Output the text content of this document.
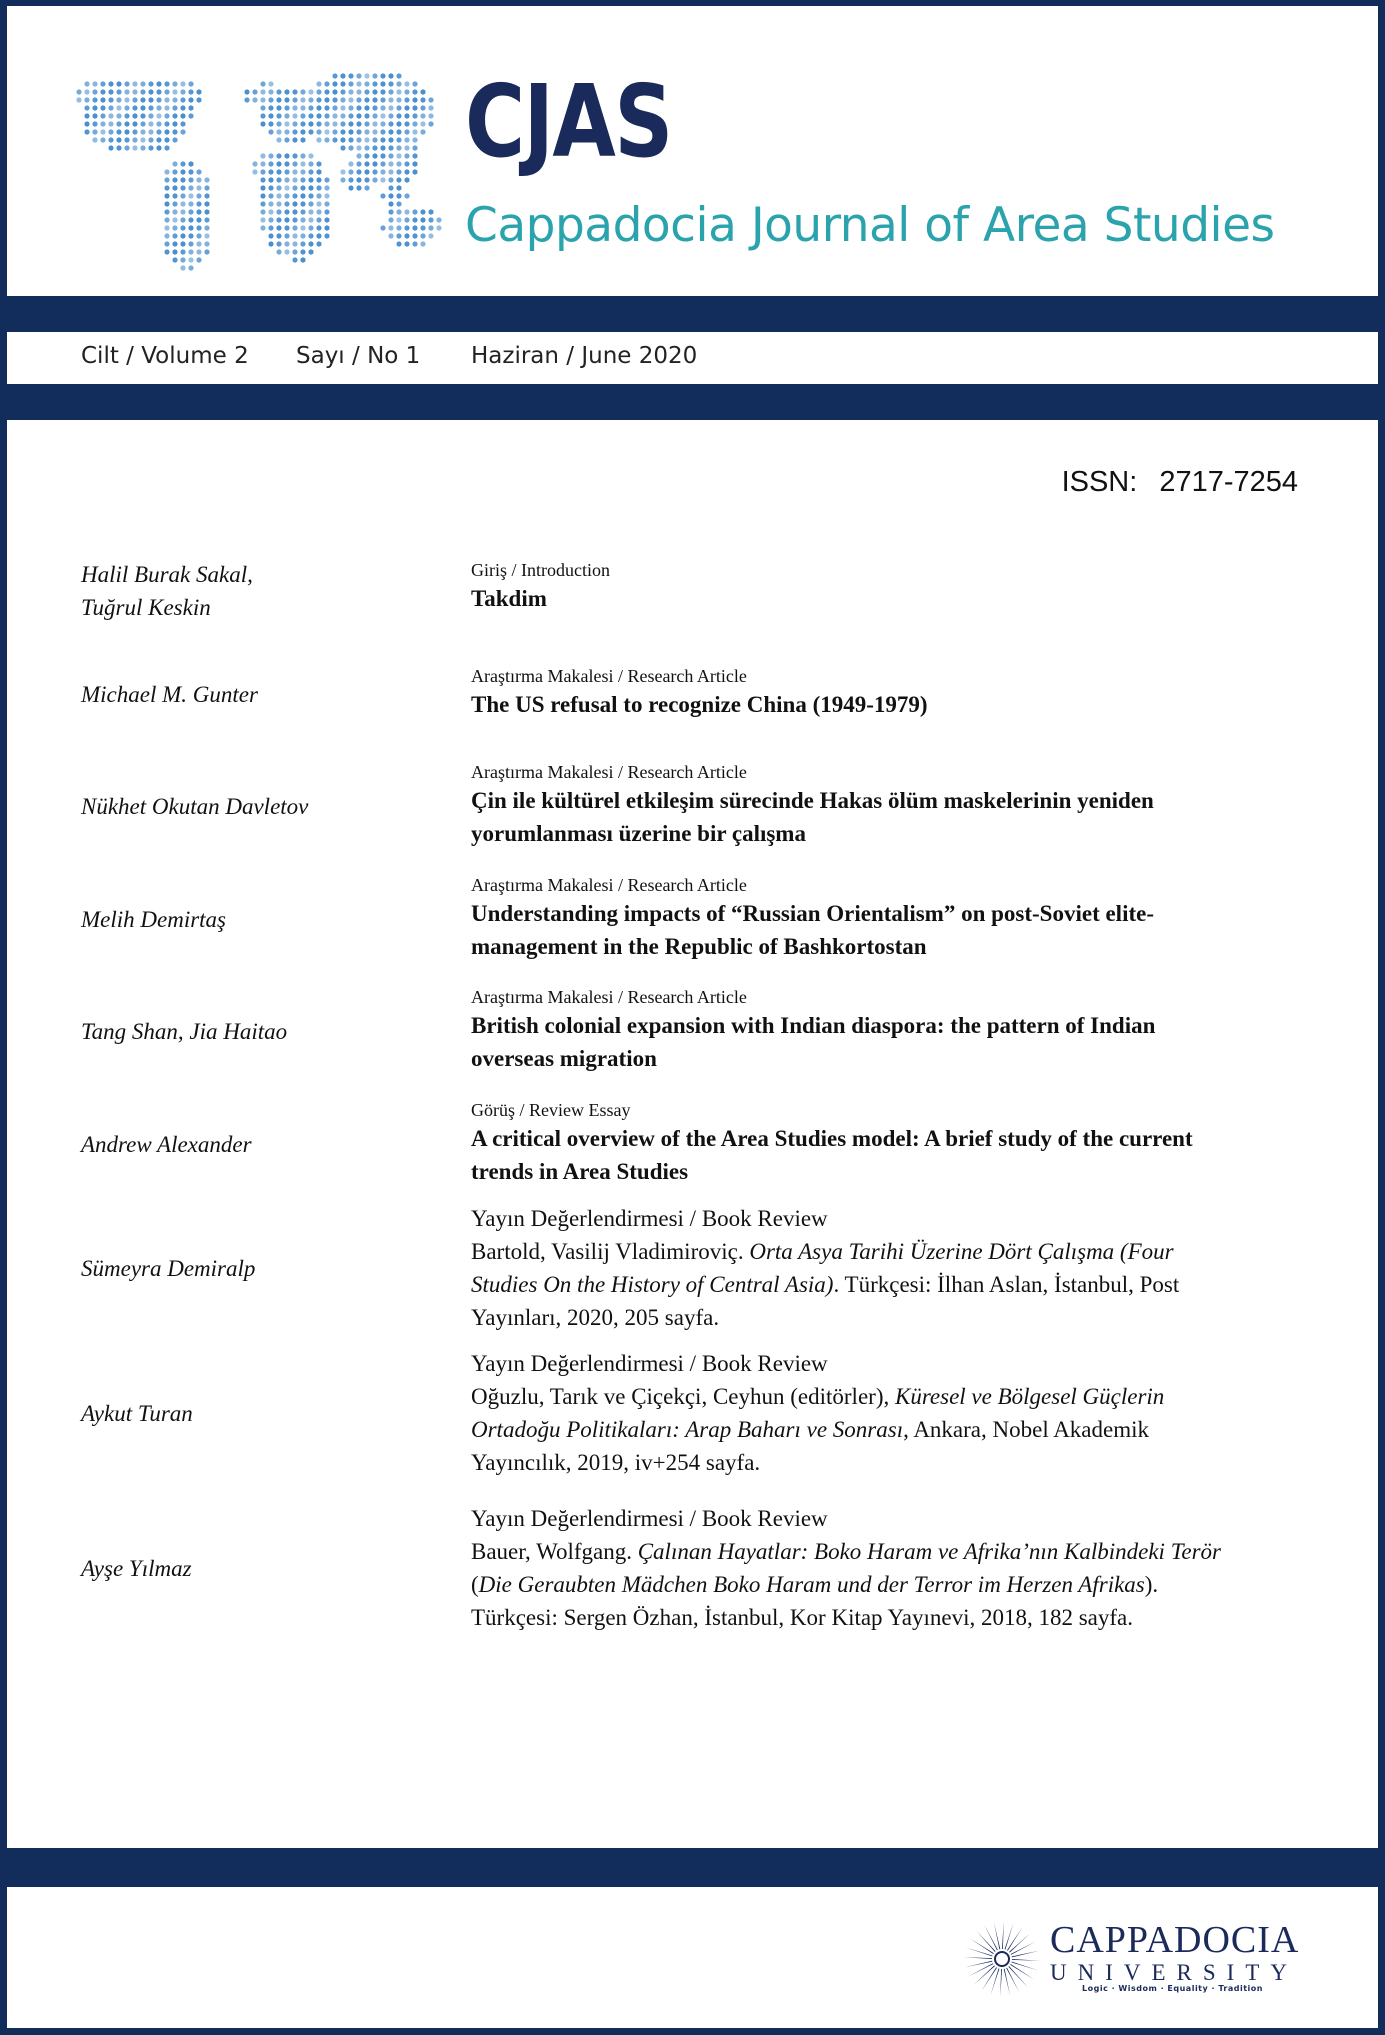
CJAS
Cappadocia Journal of Area Studies
Cilt / Volume 2 Sayı / No 1 Haziran / June 2020
ISSN: 2717-7254
Halil Burak Sakal,
Tuğrul Keskin
Giriş / Introduction
Takdim
Michael M. Gunter
Araştırma Makalesi / Research Article
The US refusal to recognize China (1949-1979)
Nükhet Okutan Davletov
Araştırma Makalesi / Research Article
Çin ile kültürel etkileşim sürecinde Hakas ölüm maskelerinin yeniden
yorumlanması üzerine bir çalışma
Melih Demirtaş
Araştırma Makalesi / Research Article
Understanding impacts of “Russian Orientalism” on post-Soviet elite-
management in the Republic of Bashkortostan
Tang Shan, Jia Haitao
Araştırma Makalesi / Research Article
British colonial expansion with Indian diaspora: the pattern of Indian
overseas migration
Andrew Alexander
Görüş / Review Essay
A critical overview of the Area Studies model: A brief study of the current
trends in Area Studies
Sümeyra Demiralp
Yayın Değerlendirmesi / Book Review
Bartold, Vasilij Vladimiroviç. Orta Asya Tarihi Üzerine Dört Çalışma (Four
Studies On the History of Central Asia). Türkçesi: İlhan Aslan, İstanbul, Post
Yayınları, 2020, 205 sayfa.
Aykut Turan
Yayın Değerlendirmesi / Book Review
Oğuzlu, Tarık ve Çiçekçi, Ceyhun (editörler), Küresel ve Bölgesel Güçlerin
Ortadoğu Politikaları: Arap Baharı ve Sonrası, Ankara, Nobel Akademik
Yayıncılık, 2019, iv+254 sayfa.
Ayşe Yılmaz
Yayın Değerlendirmesi / Book Review
Bauer, Wolfgang. Çalınan Hayatlar: Boko Haram ve Afrika’nın Kalbindeki Terör
(Die Geraubten Mädchen Boko Haram und der Terror im Herzen Afrikas).
Türkçesi: Sergen Özhan, İstanbul, Kor Kitap Yayınevi, 2018, 182 sayfa.
CAPPADOCIA
UNIVERSITY
Logic · Wisdom · Equality · Tradition
